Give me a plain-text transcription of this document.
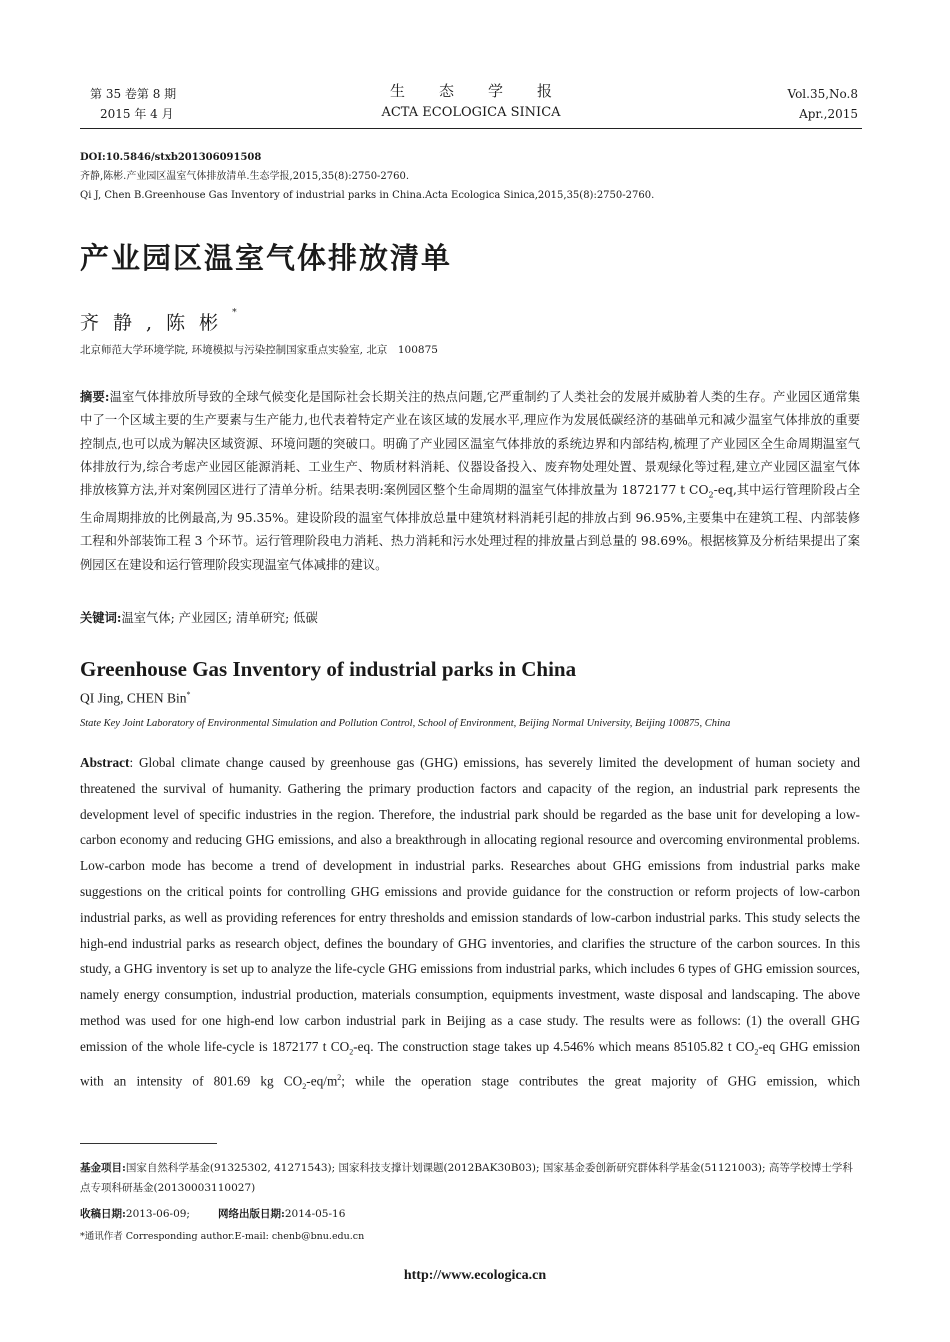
第 35 卷第 8 期
2015 年 4 月
生态学报
ACTA ECOLOGICA SINICA
Vol.35,No.8
Apr.,2015
DOI:10.5846/stxb201306091508
齐静,陈彬.产业园区温室气体排放清单.生态学报,2015,35(8):2750-2760.
Qi J, Chen B.Greenhouse Gas Inventory of industrial parks in China.Acta Ecologica Sinica,2015,35(8):2750-2760.
产业园区温室气体排放清单
齐静,陈彬*
北京师范大学环境学院, 环境模拟与污染控制国家重点实验室, 北京　100875
摘要:温室气体排放所导致的全球气候变化是国际社会长期关注的热点问题,它严重制约了人类社会的发展并威胁着人类的生存。产业园区通常集中了一个区域主要的生产要素与生产能力,也代表着特定产业在该区域的发展水平,理应作为发展低碳经济的基础单元和减少温室气体排放的重要控制点,也可以成为解决区域资源、环境问题的突破口。明确了产业园区温室气体排放的系统边界和内部结构,梳理了产业园区全生命周期温室气体排放行为,综合考虑产业园区能源消耗、工业生产、物质材料消耗、仪器设备投入、废弃物处理处置、景观绿化等过程,建立产业园区温室气体排放核算方法,并对案例园区进行了清单分析。结果表明:案例园区整个生命周期的温室气体排放量为 1872177 t $CO_2-eq$,其中运行管理阶段占全生命周期排放的比例最高,为 95.35%。建设阶段的温室气体排放总量中建筑材料消耗引起的排放占到 96.95%,主要集中在建筑工程、内部装修工程和外部装饰工程 3 个环节。运行管理阶段电力消耗、热力消耗和污水处理过程的排放量占到总量的 98.69%。根据核算及分析结果提出了案例园区在建设和运行管理阶段实现温室气体减排的建议。
关键词:温室气体; 产业园区; 清单研究; 低碳
Greenhouse Gas Inventory of industrial parks in China
QI Jing, CHEN Bin*
State Key Joint Laboratory of Environmental Simulation and Pollution Control, School of Environment, Beijing Normal University, Beijing 100875, China
Abstract: Global climate change caused by greenhouse gas (GHG) emissions, has severely limited the development of human society and threatened the survival of humanity. Gathering the primary production factors and capacity of the region, an industrial park represents the development level of specific industries in the region. Therefore, the industrial park should be regarded as the base unit for developing a low-carbon economy and reducing GHG emissions, and also a breakthrough in allocating regional resource and overcoming environmental problems. Low-carbon mode has become a trend of development in industrial parks. Researches about GHG emissions from industrial parks make suggestions on the critical points for controlling GHG emissions and provide guidance for the construction or reform projects of low-carbon industrial parks, as well as providing references for entry thresholds and emission standards of low-carbon industrial parks. This study selects the high-end industrial parks as research object, defines the boundary of GHG inventories, and clarifies the structure of the carbon sources. In this study, a GHG inventory is set up to analyze the life-cycle GHG emissions from industrial parks, which includes 6 types of GHG emission sources, namely energy consumption, industrial production, materials consumption, equipments investment, waste disposal and landscaping. The above method was used for one high-end low carbon industrial park in Beijing as a case study. The results were as follows: (1) the overall GHG emission of the whole life-cycle is 1872177 t $CO_2-eq$. The construction stage takes up 4.546% which means 85105.82 t $CO_2-eq$ GHG emission with an intensity of 801.69 kg $CO_2-eq/m^2$; while the operation stage contributes the great majority of GHG emission, which
基金项目:国家自然科学基金(91325302, 41271543); 国家科技支撑计划课题(2012BAK30B03); 国家基金委创新研究群体科学基金(51121003); 高等学校博士学科点专项科研基金(20130003110027)
收稿日期:2013-06-09;	网络出版日期:2014-05-16
*通讯作者 Corresponding author.E-mail: chenb@bnu.edu.cn
http://www.ecologica.cn
